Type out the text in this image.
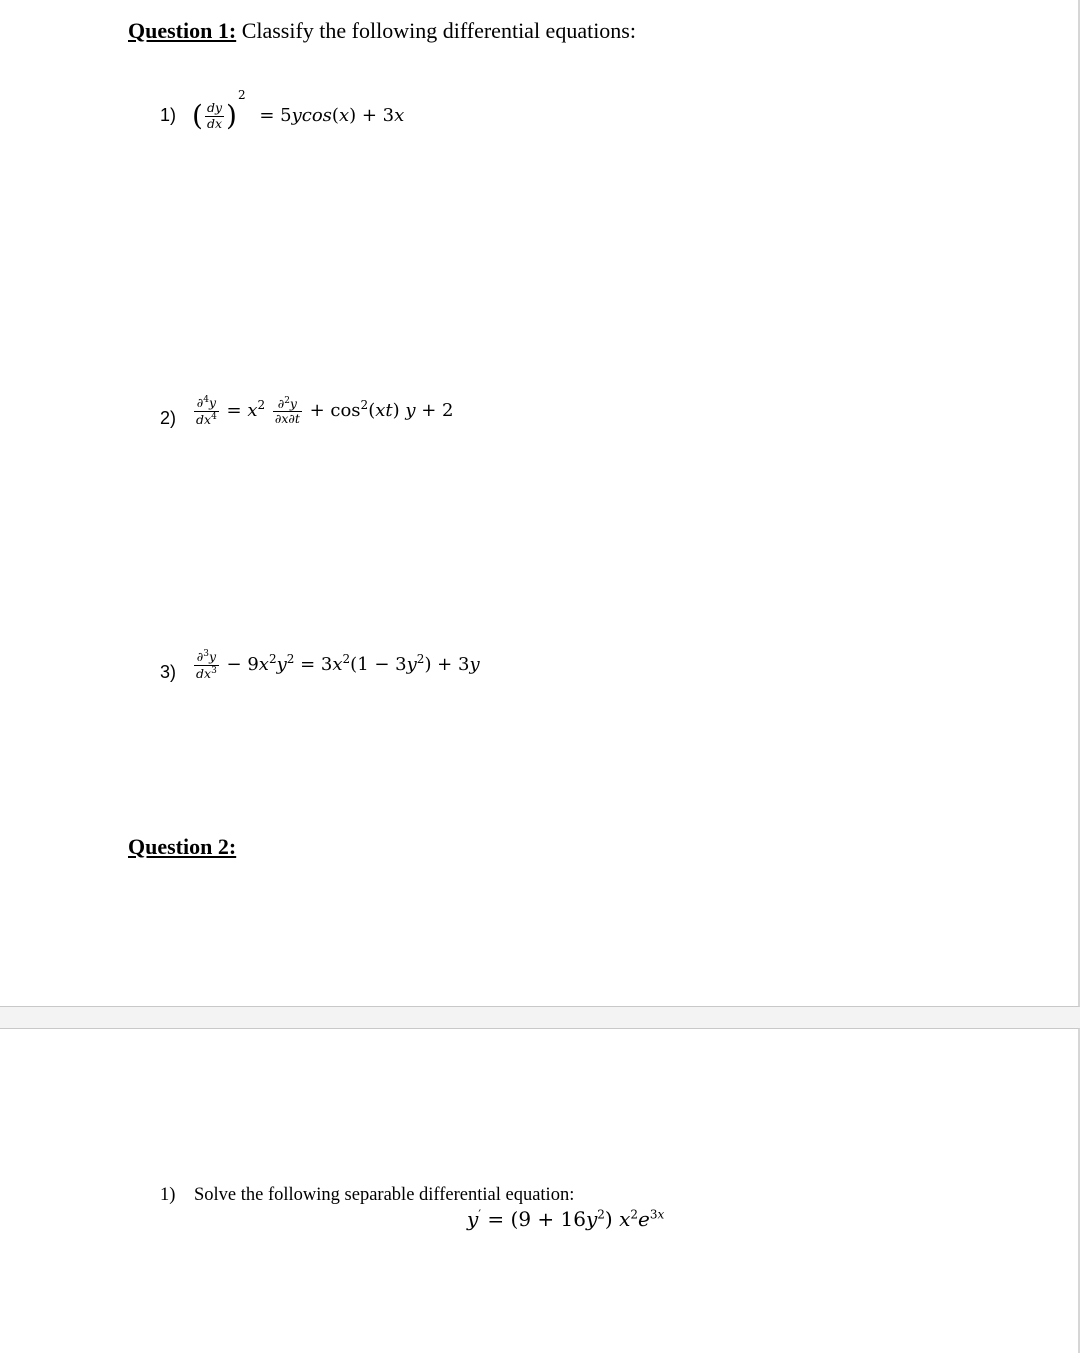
Question 1: Classify the following differential equations:
1) ( $\frac{dy}{dx} )^2 = 5ycos(x) + 3x$
$2) \frac{\partial^4y}{dx^4} = x^2 \frac{\partial^2y}{\partial x\partial t} + \cos^2(xt) y + 2$
$3) \frac{\partial^3y}{dx^3} - 9x^2y^2 = 3x^2(1 - 3y^2) + 3y$
Question 2:
1) Solve the following separable differential equation:
$y' = (9 + 16y^2)$ $x^2e^{3x}$
